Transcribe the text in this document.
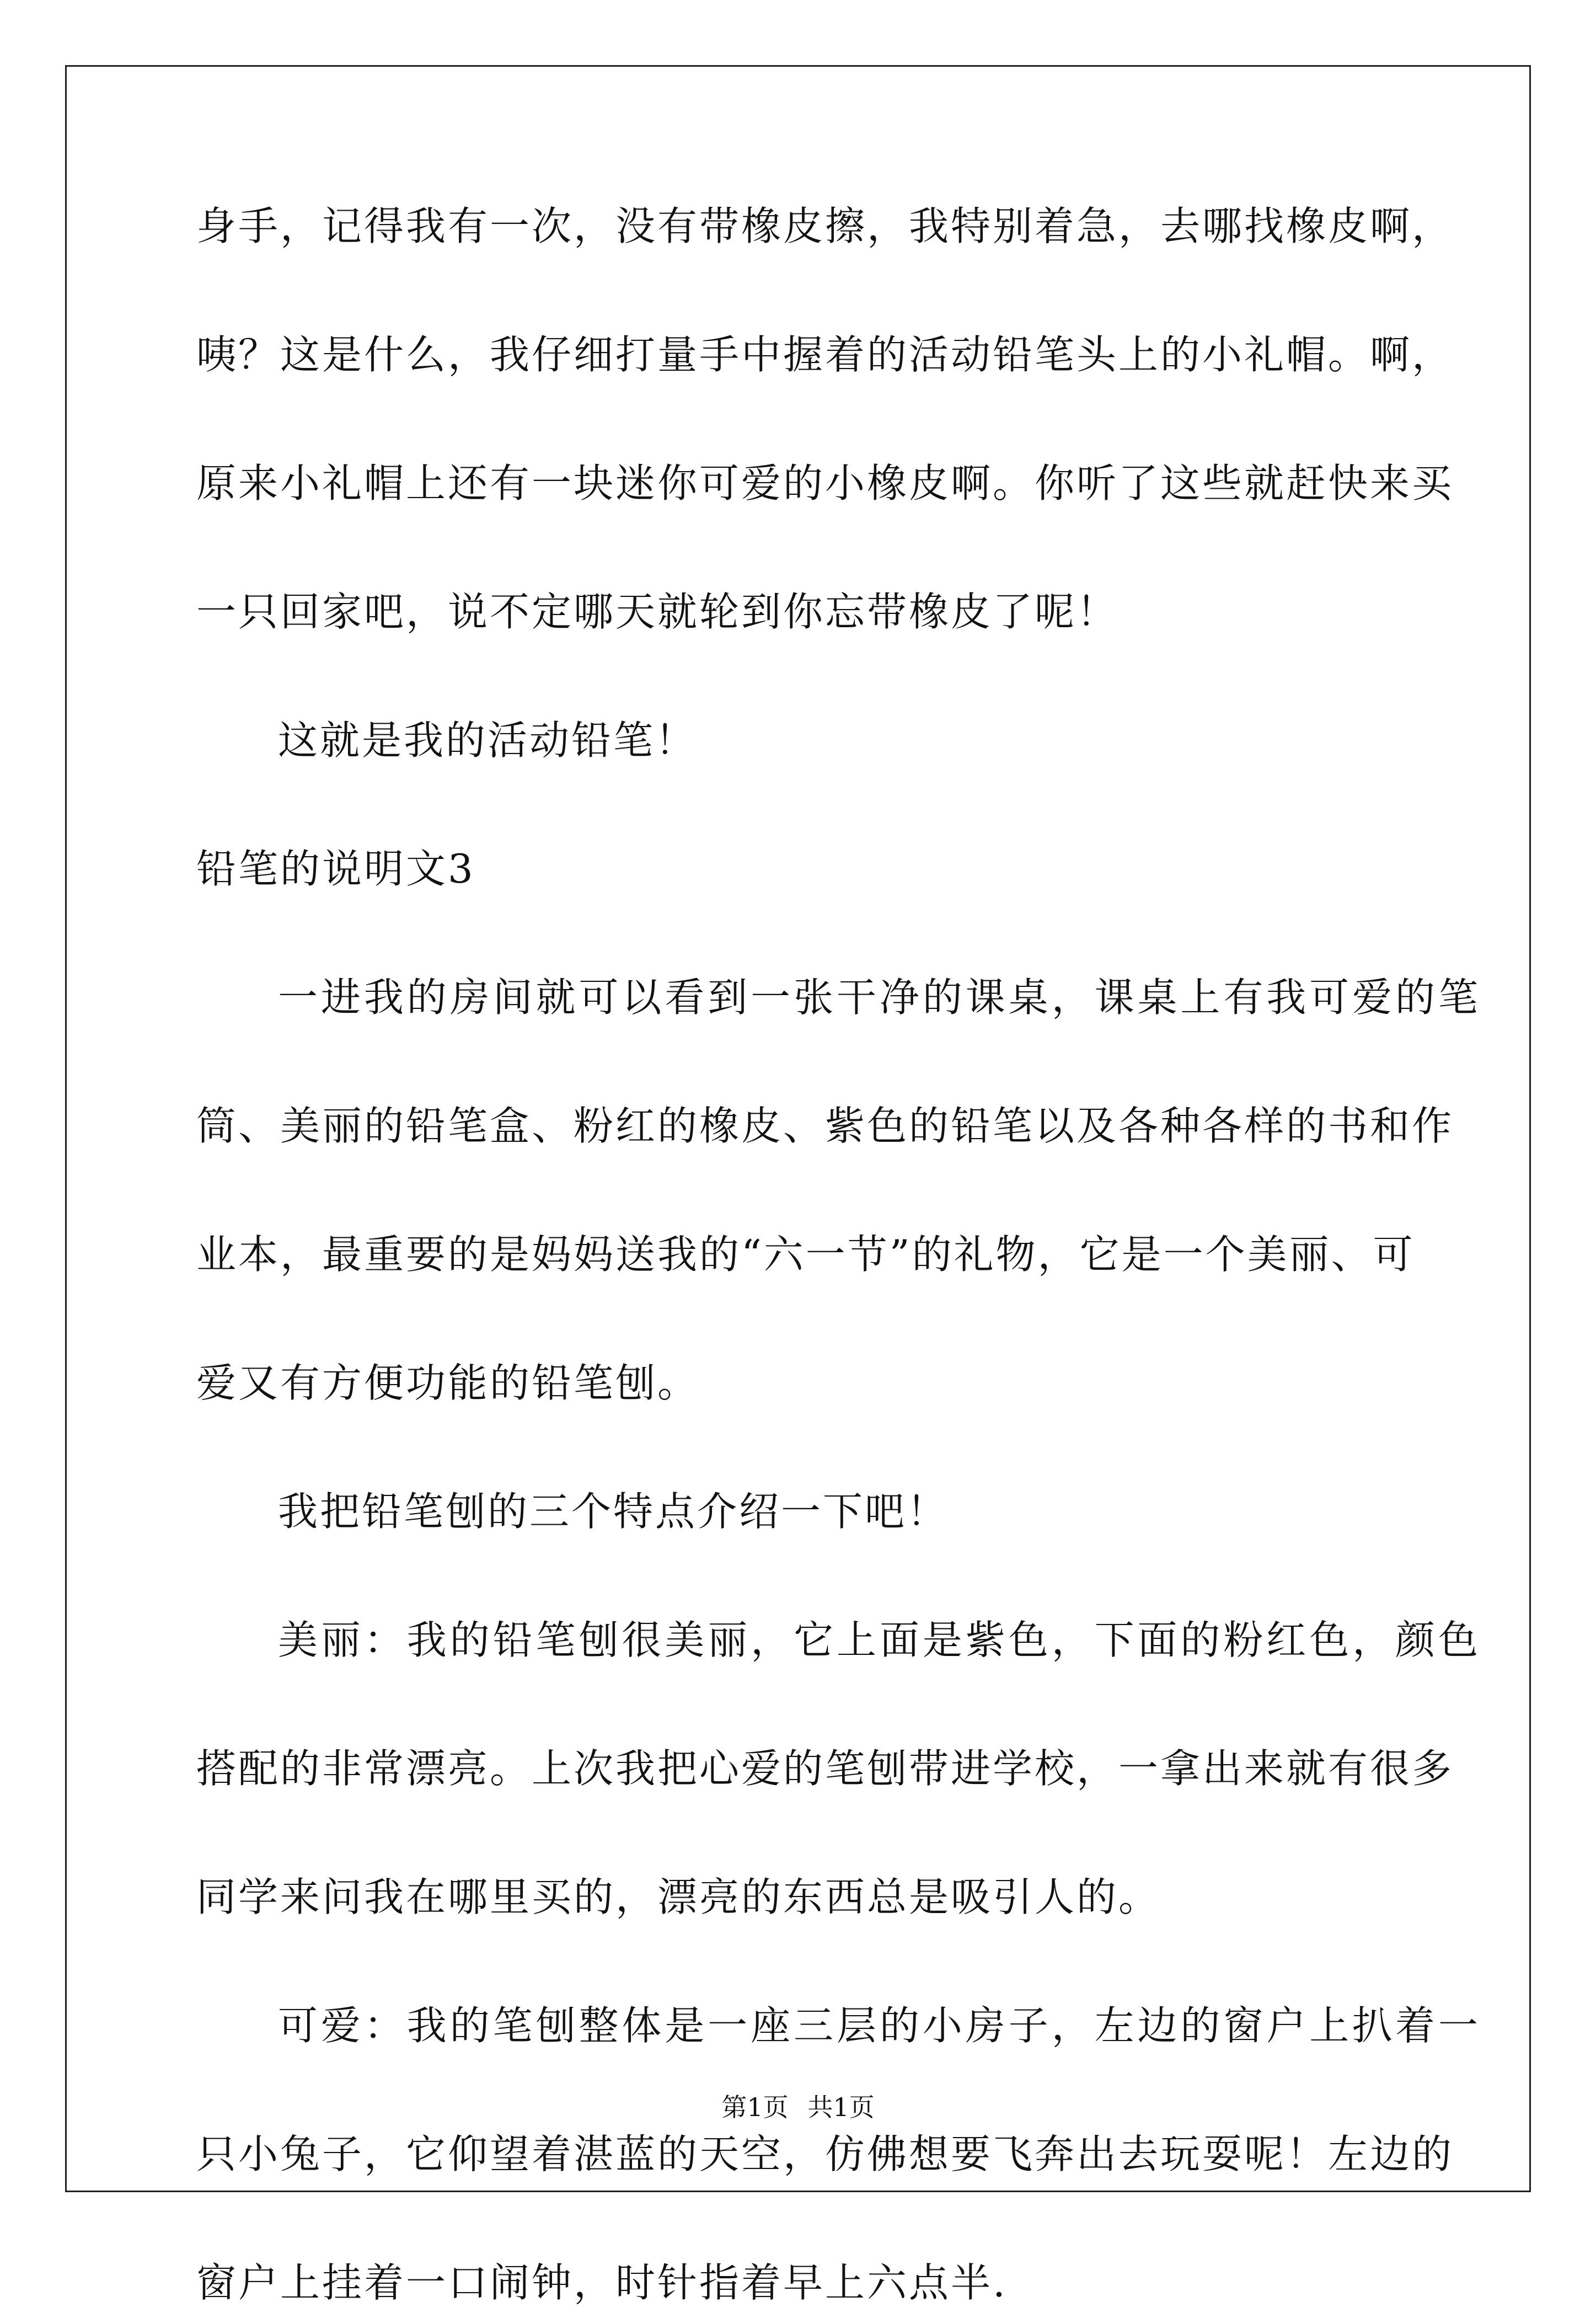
身手，记得我有一次，没有带橡皮擦，我特别着急，去哪找橡皮啊，
咦？这是什么，我仔细打量手中握着的活动铅笔头上的小礼帽。啊，
原来小礼帽上还有一块迷你可爱的小橡皮啊。你听了这些就赶快来买
一只回家吧，说不定哪天就轮到你忘带橡皮了呢！
这就是我的活动铅笔！
铅笔的说明文3
一进我的房间就可以看到一张干净的课桌，课桌上有我可爱的笔
筒、美丽的铅笔盒、粉红的橡皮、紫色的铅笔以及各种各样的书和作
业本，最重要的是妈妈送我的“六一节”的礼物，它是一个美丽、可
爱又有方便功能的铅笔刨。
我把铅笔刨的三个特点介绍一下吧！
美丽：我的铅笔刨很美丽，它上面是紫色，下面的粉红色，颜色
搭配的非常漂亮。上次我把心爱的笔刨带进学校，一拿出来就有很多
同学来问我在哪里买的，漂亮的东西总是吸引人的。
可爱：我的笔刨整体是一座三层的小房子，左边的窗户上扒着一
只小兔子，它仰望着湛蓝的天空，仿佛想要飞奔出去玩耍呢！左边的
窗户上挂着一口闹钟，时针指着早上六点半.
第1页 共1页
